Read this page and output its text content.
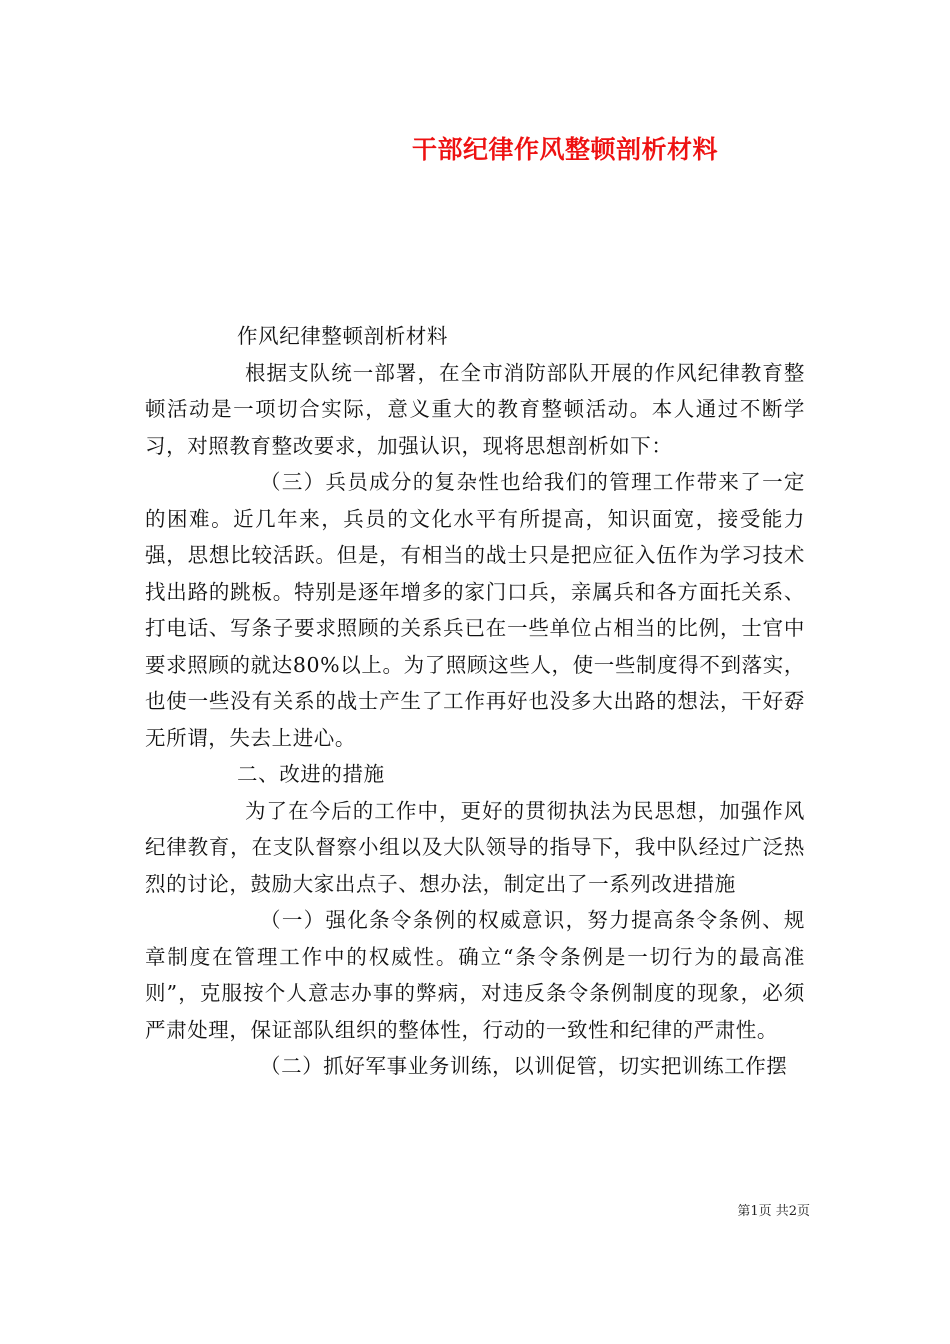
干部纪律作风整顿剖析材料

作风纪律整顿剖析材料

根据支队统一部署，在全市消防部队开展的作风纪律教育整顿活动是一项切合实际，意义重大的教育整顿活动。本人通过不断学习，对照教育整改要求，加强认识，现将思想剖析如下：

（三）兵员成分的复杂性也给我们的管理工作带来了一定的困难。近几年来，兵员的文化水平有所提高，知识面宽，接受能力强，思想比较活跃。但是，有相当的战士只是把应征入伍作为学习技术找出路的跳板。特别是逐年增多的家门口兵，亲属兵和各方面托关系、打电话、写条子要求照顾的关系兵已在一些单位占相当的比例，士官中要求照顾的就达80%以上。为了照顾这些人，使一些制度得不到落实，也使一些没有关系的战士产生了工作再好也没多大出路的想法，干好孬无所谓，失去上进心。

二、改进的措施

为了在今后的工作中，更好的贯彻执法为民思想，加强作风纪律教育，在支队督察小组以及大队领导的指导下，我中队经过广泛热烈的讨论，鼓励大家出点子、想办法，制定出了一系列改进措施

（一）强化条令条例的权威意识，努力提高条令条例、规章制度在管理工作中的权威性。确立“条令条例是一切行为的最高准则”，克服按个人意志办事的弊病，对违反条令条例制度的现象，必须严肃处理，保证部队组织的整体性，行动的一致性和纪律的严肃性。

（二）抓好军事业务训练，以训促管，切实把训练工作摆

第1页 共2页
